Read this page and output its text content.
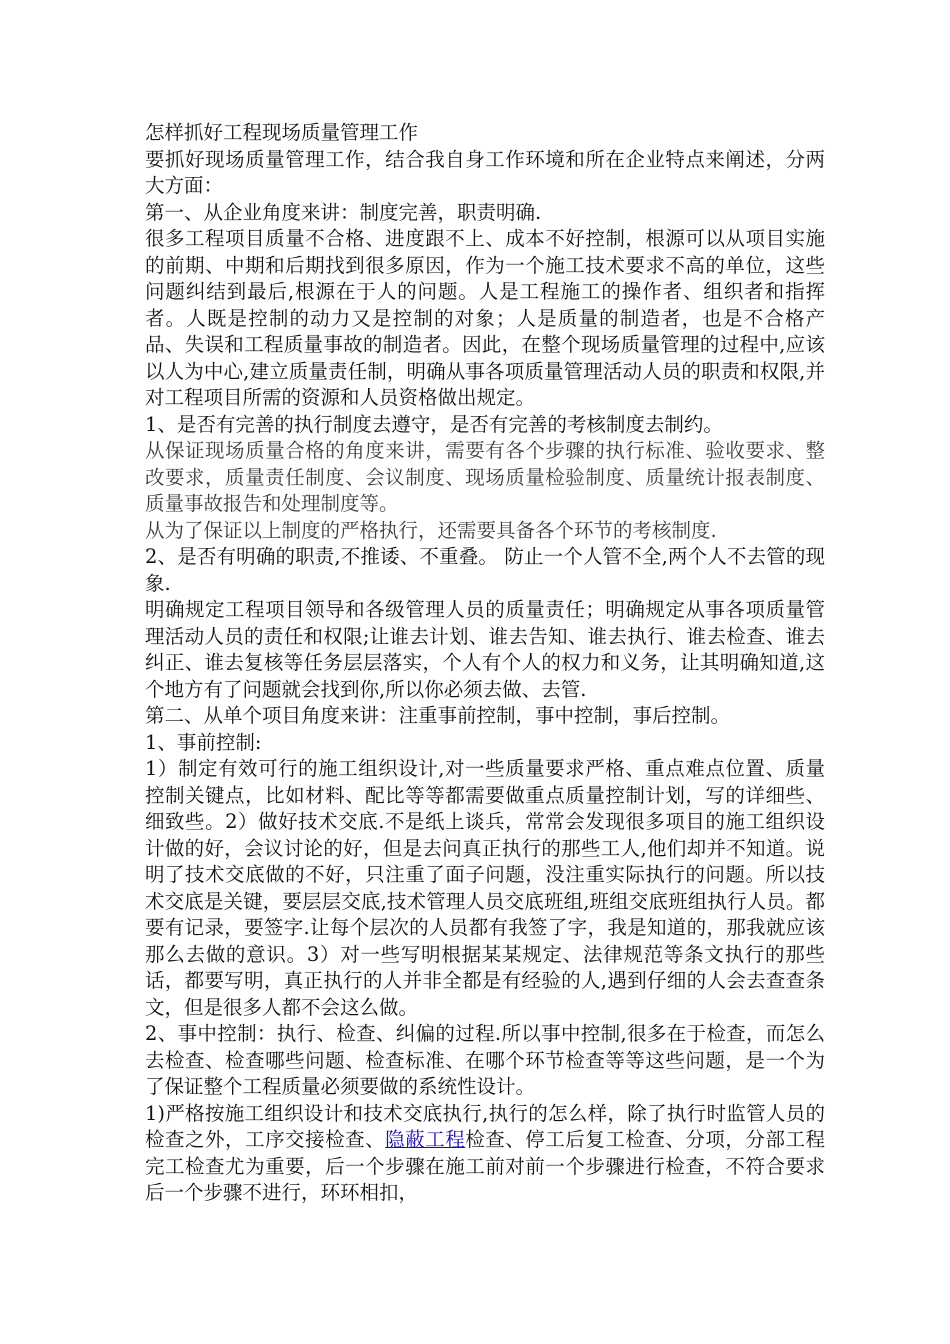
怎样抓好工程现场质量管理工作

要抓好现场质量管理工作，结合我自身工作环境和所在企业特点来阐述，分两大方面：

第一、从企业角度来讲：制度完善，职责明确.

很多工程项目质量不合格、进度跟不上、成本不好控制，根源可以从项目实施的前期、中期和后期找到很多原因，作为一个施工技术要求不高的单位，这些问题纠结到最后,根源在于人的问题。人是工程施工的操作者、组织者和指挥者。人既是控制的动力又是控制的对象；人是质量的制造者，也是不合格产品、失误和工程质量事故的制造者。因此，在整个现场质量管理的过程中,应该以人为中心,建立质量责任制，明确从事各项质量管理活动人员的职责和权限,并对工程项目所需的资源和人员资格做出规定。

1、是否有完善的执行制度去遵守，是否有完善的考核制度去制约。

从保证现场质量合格的角度来讲，需要有各个步骤的执行标准、验收要求、整改要求，质量责任制度、会议制度、现场质量检验制度、质量统计报表制度、质量事故报告和处理制度等。

从为了保证以上制度的严格执行，还需要具备各个环节的考核制度.

2、是否有明确的职责,不推诿、不重叠。 防止一个人管不全,两个人不去管的现象.

明确规定工程项目领导和各级管理人员的质量责任；明确规定从事各项质量管理活动人员的责任和权限;让谁去计划、谁去告知、谁去执行、谁去检查、谁去纠正、谁去复核等任务层层落实，个人有个人的权力和义务，让其明确知道,这个地方有了问题就会找到你,所以你必须去做、去管.

第二、从单个项目角度来讲：注重事前控制，事中控制，事后控制。

1、事前控制:

1）制定有效可行的施工组织设计,对一些质量要求严格、重点难点位置、质量控制关键点，比如材料、配比等等都需要做重点质量控制计划，写的详细些、细致些。2）做好技术交底.不是纸上谈兵，常常会发现很多项目的施工组织设计做的好，会议讨论的好，但是去问真正执行的那些工人,他们却并不知道。说明了技术交底做的不好，只注重了面子问题，没注重实际执行的问题。所以技术交底是关键，要层层交底,技术管理人员交底班组,班组交底班组执行人员。都要有记录，要签字.让每个层次的人员都有我签了字，我是知道的，那我就应该那么去做的意识。3）对一些写明根据某某规定、法律规范等条文执行的那些话，都要写明，真正执行的人并非全都是有经验的人,遇到仔细的人会去查查条文，但是很多人都不会这么做。

2、事中控制：执行、检查、纠偏的过程.所以事中控制,很多在于检查，而怎么去检查、检查哪些问题、检查标准、在哪个环节检查等等这些问题，是一个为了保证整个工程质量必须要做的系统性设计。

1)严格按施工组织设计和技术交底执行,执行的怎么样，除了执行时监管人员的检查之外，工序交接检查、隐蔽工程检查、停工后复工检查、分项，分部工程完工检查尤为重要，后一个步骤在施工前对前一个步骤进行检查，不符合要求后一个步骤不进行，环环相扣，
